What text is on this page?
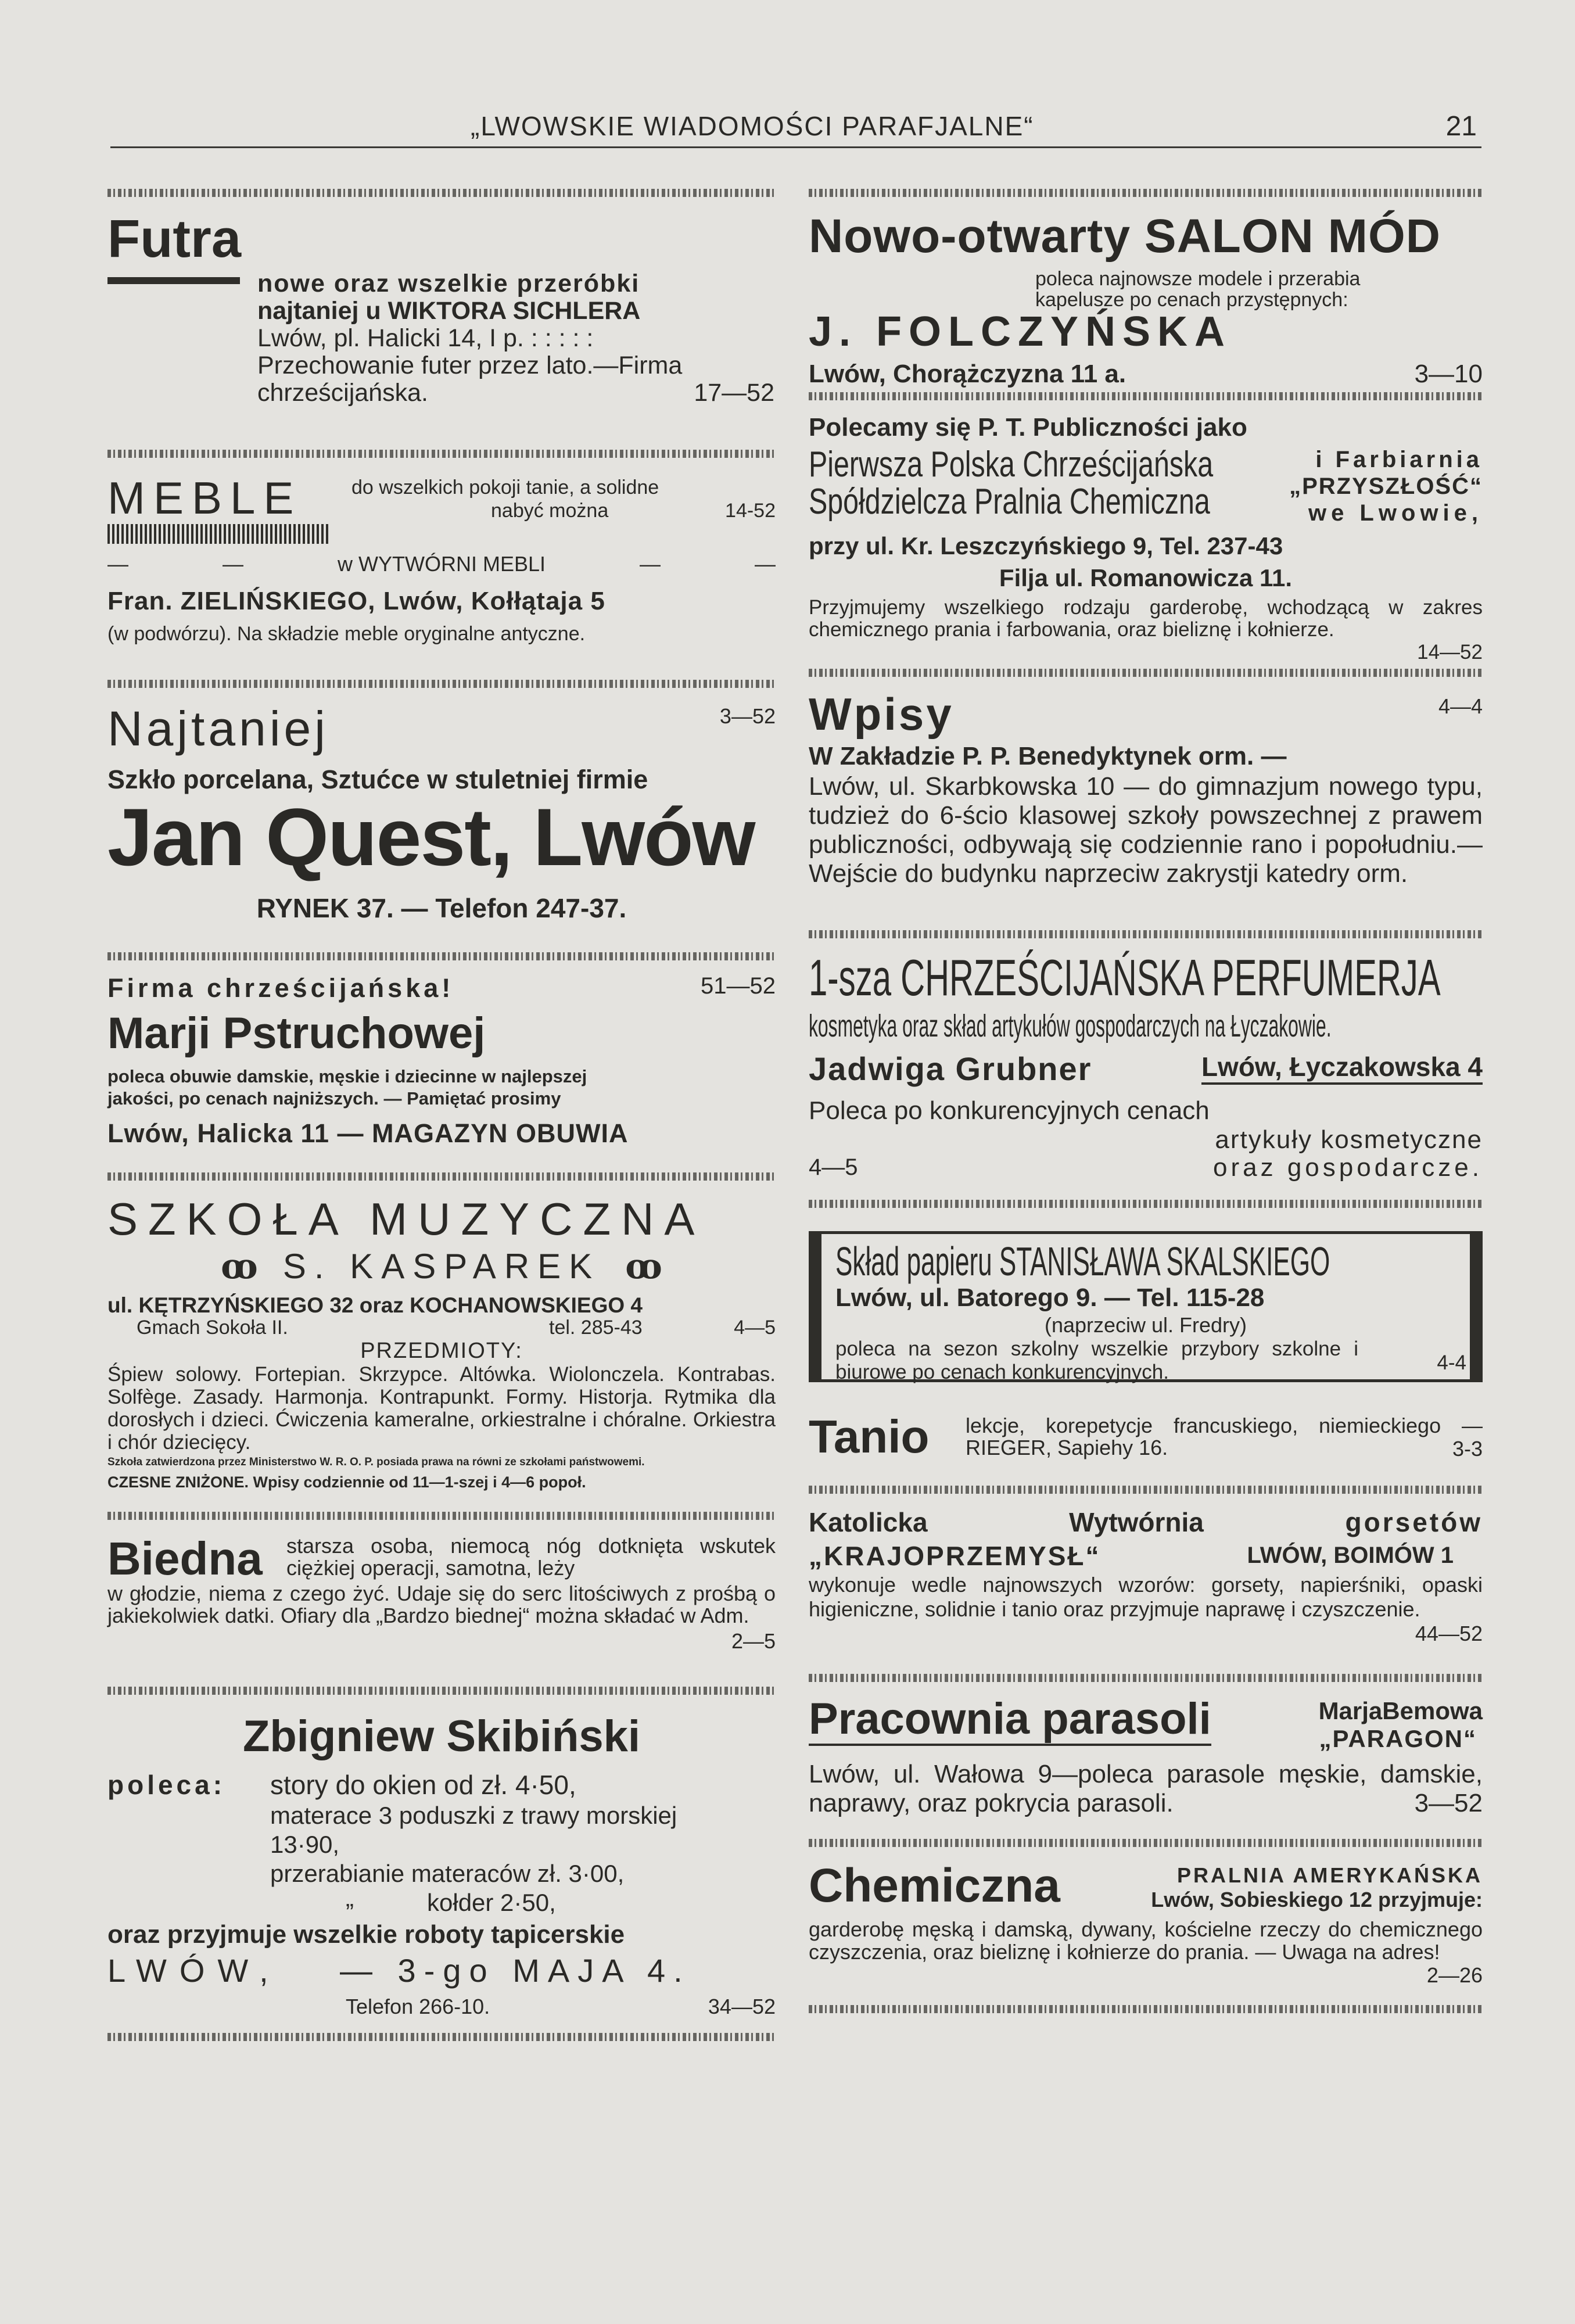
„LWOWSKIE WIADOMOŚCI PARAFJALNE“	21
Futra
nowe oraz wszelkie przeróbki
najtaniej u WIKTORA SICHLERA
Lwów, pl. Halicki 14, I p. : : : : :
Przechowanie futer przez lato.—Firma
chrześcijańska.	17—52
MEBLE	do wszelkich pokoji tanie, a solidne
nabyć można	14-52
—	—	w WYTWÓRNI MEBLI	—	—
Fran. ZIELIŃSKIEGO, Lwów, Kołłątaja 5
(w podwórzu). Na składzie meble oryginalne antyczne.
Najtaniej	3—52
Szkło porcelana, Sztućce w stuletniej firmie
Jan Quest, Lwów
RYNEK 37. — Telefon 247-37.
Firma chrześcijańska!	51—52
Marji Pstruchowej
poleca obuwie damskie, męskie i dziecinne w najlepszej
jakości, po cenach najniższych. — Pamiętać prosimy
Lwów, Halicka 11 — MAGAZYN OBUWIA
SZKOŁA MUZYCZNA
ꝏ S. KASPAREK ꝏ
ul. KĘTRZYŃSKIEGO 32 oraz KOCHANOWSKIEGO 4
Gmach Sokoła II.	tel. 285-43	4—5
PRZEDMIOTY:
Śpiew solowy. Fortepian. Skrzypce. Altówka. Wiolonczela. Kontrabas. Solfège. Zasady. Harmonja. Kontrapunkt. Formy. Historja. Rytmika dla dorosłych i dzieci. Ćwiczenia kameralne, orkiestralne i chóralne. Orkiestra i chór dziecięcy.
Szkoła zatwierdzona przez Ministerstwo W. R. O. P. posiada prawa na równi ze szkołami państwowemi.
CZESNE ZNIŻONE. Wpisy codziennie od 11—1-szej i 4—6 popoł.
Biedna starsza osoba, niemocą nóg dotknięta wskutek ciężkiej operacji, samotna, leży
w głodzie, niema z czego żyć. Udaje się do serc litościwych z prośbą o jakiekolwiek datki. Ofiary dla „Bardzo biednej“ można składać w Adm.
2—5
Zbigniew Skibiński
poleca: story do okien od zł. 4·50,
materace 3 poduszki z trawy morskiej
13·90,
przerabianie materaców zł. 3·00,
„	kołder 2·50,
oraz przyjmuje wszelkie roboty tapicerskie
LWÓW, — 3-go MAJA 4.
Telefon 266-10.	34—52
Nowo-otwarty SALON MÓD
poleca najnowsze modele i przerabia
kapelusze po cenach przystępnych:
J. FOLCZYŃSKA
Lwów, Chorążczyzna 11 a.	3—10
Polecamy się P. T. Publiczności jako
Pierwsza Polska Chrześcijańska
Spółdzielcza Pralnia Chemiczna
i Farbiarnia
„PRZYSZŁOŚĆ“
we Lwowie,
przy ul. Kr. Leszczyńskiego 9, Tel. 237-43
Filja ul. Romanowicza 11.
Przyjmujemy wszelkiego rodzaju garderobę, wchodzącą w zakres chemicznego prania i farbowania, oraz bieliznę i kołnierze.
14—52
Wpisy	4—4
W Zakładzie P. P. Benedyktynek orm. —
Lwów, ul. Skarbkowska 10 — do gimnazjum nowego typu, tudzież do 6-ścio klasowej szkoły powszechnej z prawem publiczności, odbywają się codziennie rano i popołudniu.— Wejście do budynku naprzeciw zakrystji katedry orm.
1-sza CHRZEŚCIJAŃSKA PERFUMERJA
kosmetyka oraz skład artykułów gospodarczych na Łyczakowie.
Jadwiga Grubner	Lwów, Łyczakowska 4
Poleca po konkurencyjnych cenach
artykuły kosmetyczne
4—5	oraz gospodarcze.
Skład papieru STANISŁAWA SKALSKIEGO
Lwów, ul. Batorego 9. — Tel. 115-28
(naprzeciw ul. Fredry)
poleca na sezon szkolny wszelkie przybory szkolne i biurowe po cenach konkurencyjnych.	4-4
Tanio lekcje, korepetycje francuskiego, niemieckiego — RIEGER, Sapiehy 16.	3-3
Katolicka	Wytwórnia	gorsetów
„KRAJOPRZEMYSŁ“	LWÓW, BOIMÓW 1
wykonuje wedle najnowszych wzorów: gorsety, napierśniki, opaski higieniczne, solidnie i tanio oraz przyjmuje naprawę i czyszczenie.
44—52
Pracownia parasoli	MarjaBemowa
„PARAGON“
Lwów, ul. Wałowa 9—poleca parasole męskie, damskie, naprawy, oraz pokrycia parasoli.	3—52
Chemiczna	PRALNIA AMERYKAŃSKA
Lwów, Sobieskiego 12 przyjmuje:
garderobę męską i damską, dywany, kościelne rzeczy do chemicznego czyszczenia, oraz bieliznę i kołnierze do prania. — Uwaga na adres!
2—26
